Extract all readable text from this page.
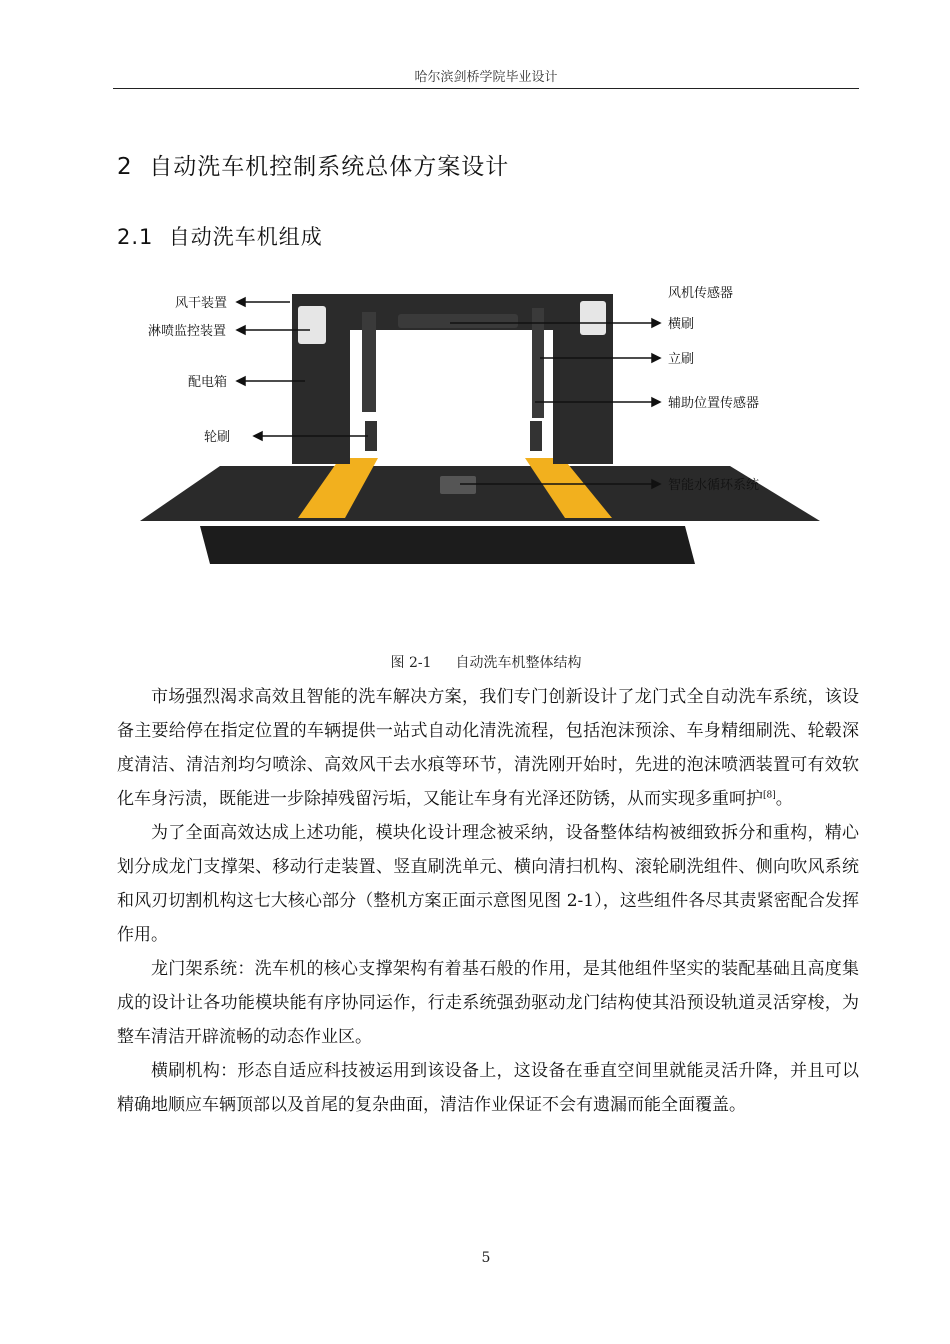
哈尔滨剑桥学院毕业设计
2 自动洗车机控制系统总体方案设计
2.1 自动洗车机组成
风干装置
淋喷监控装置
配电箱
轮刷
风机传感器
横刷
立刷
辅助位置传感器
智能水循环系统
图 2-1 自动洗车机整体结构

市场强烈渴求高效且智能的洗车解决方案，我们专门创新设计了龙门式全自动洗车系统，该设备主要给停在指定位置的车辆提供一站式自动化清洗流程，包括泡沫预涂、车身精细刷洗、轮毂深度清洁、清洁剂均匀喷涂、高效风干去水痕等环节，清洗刚开始时，先进的泡沫喷洒装置可有效软化车身污渍，既能进一步除掉残留污垢，又能让车身有光泽还防锈，从而实现多重呵护[8]。

为了全面高效达成上述功能，模块化设计理念被采纳，设备整体结构被细致拆分和重构，精心划分成龙门支撑架、移动行走装置、竖直刷洗单元、横向清扫机构、滚轮刷洗组件、侧向吹风系统和风刃切割机构这七大核心部分（整机方案正面示意图见图 2-1），这些组件各尽其责紧密配合发挥作用。

龙门架系统：洗车机的核心支撑架构有着基石般的作用，是其他组件坚实的装配基础且高度集成的设计让各功能模块能有序协同运作，行走系统强劲驱动龙门结构使其沿预设轨道灵活穿梭，为整车清洁开辟流畅的动态作业区。

横刷机构：形态自适应科技被运用到该设备上，这设备在垂直空间里就能灵活升降，并且可以精确地顺应车辆顶部以及首尾的复杂曲面，清洁作业保证不会有遗漏而能全面覆盖。

5
